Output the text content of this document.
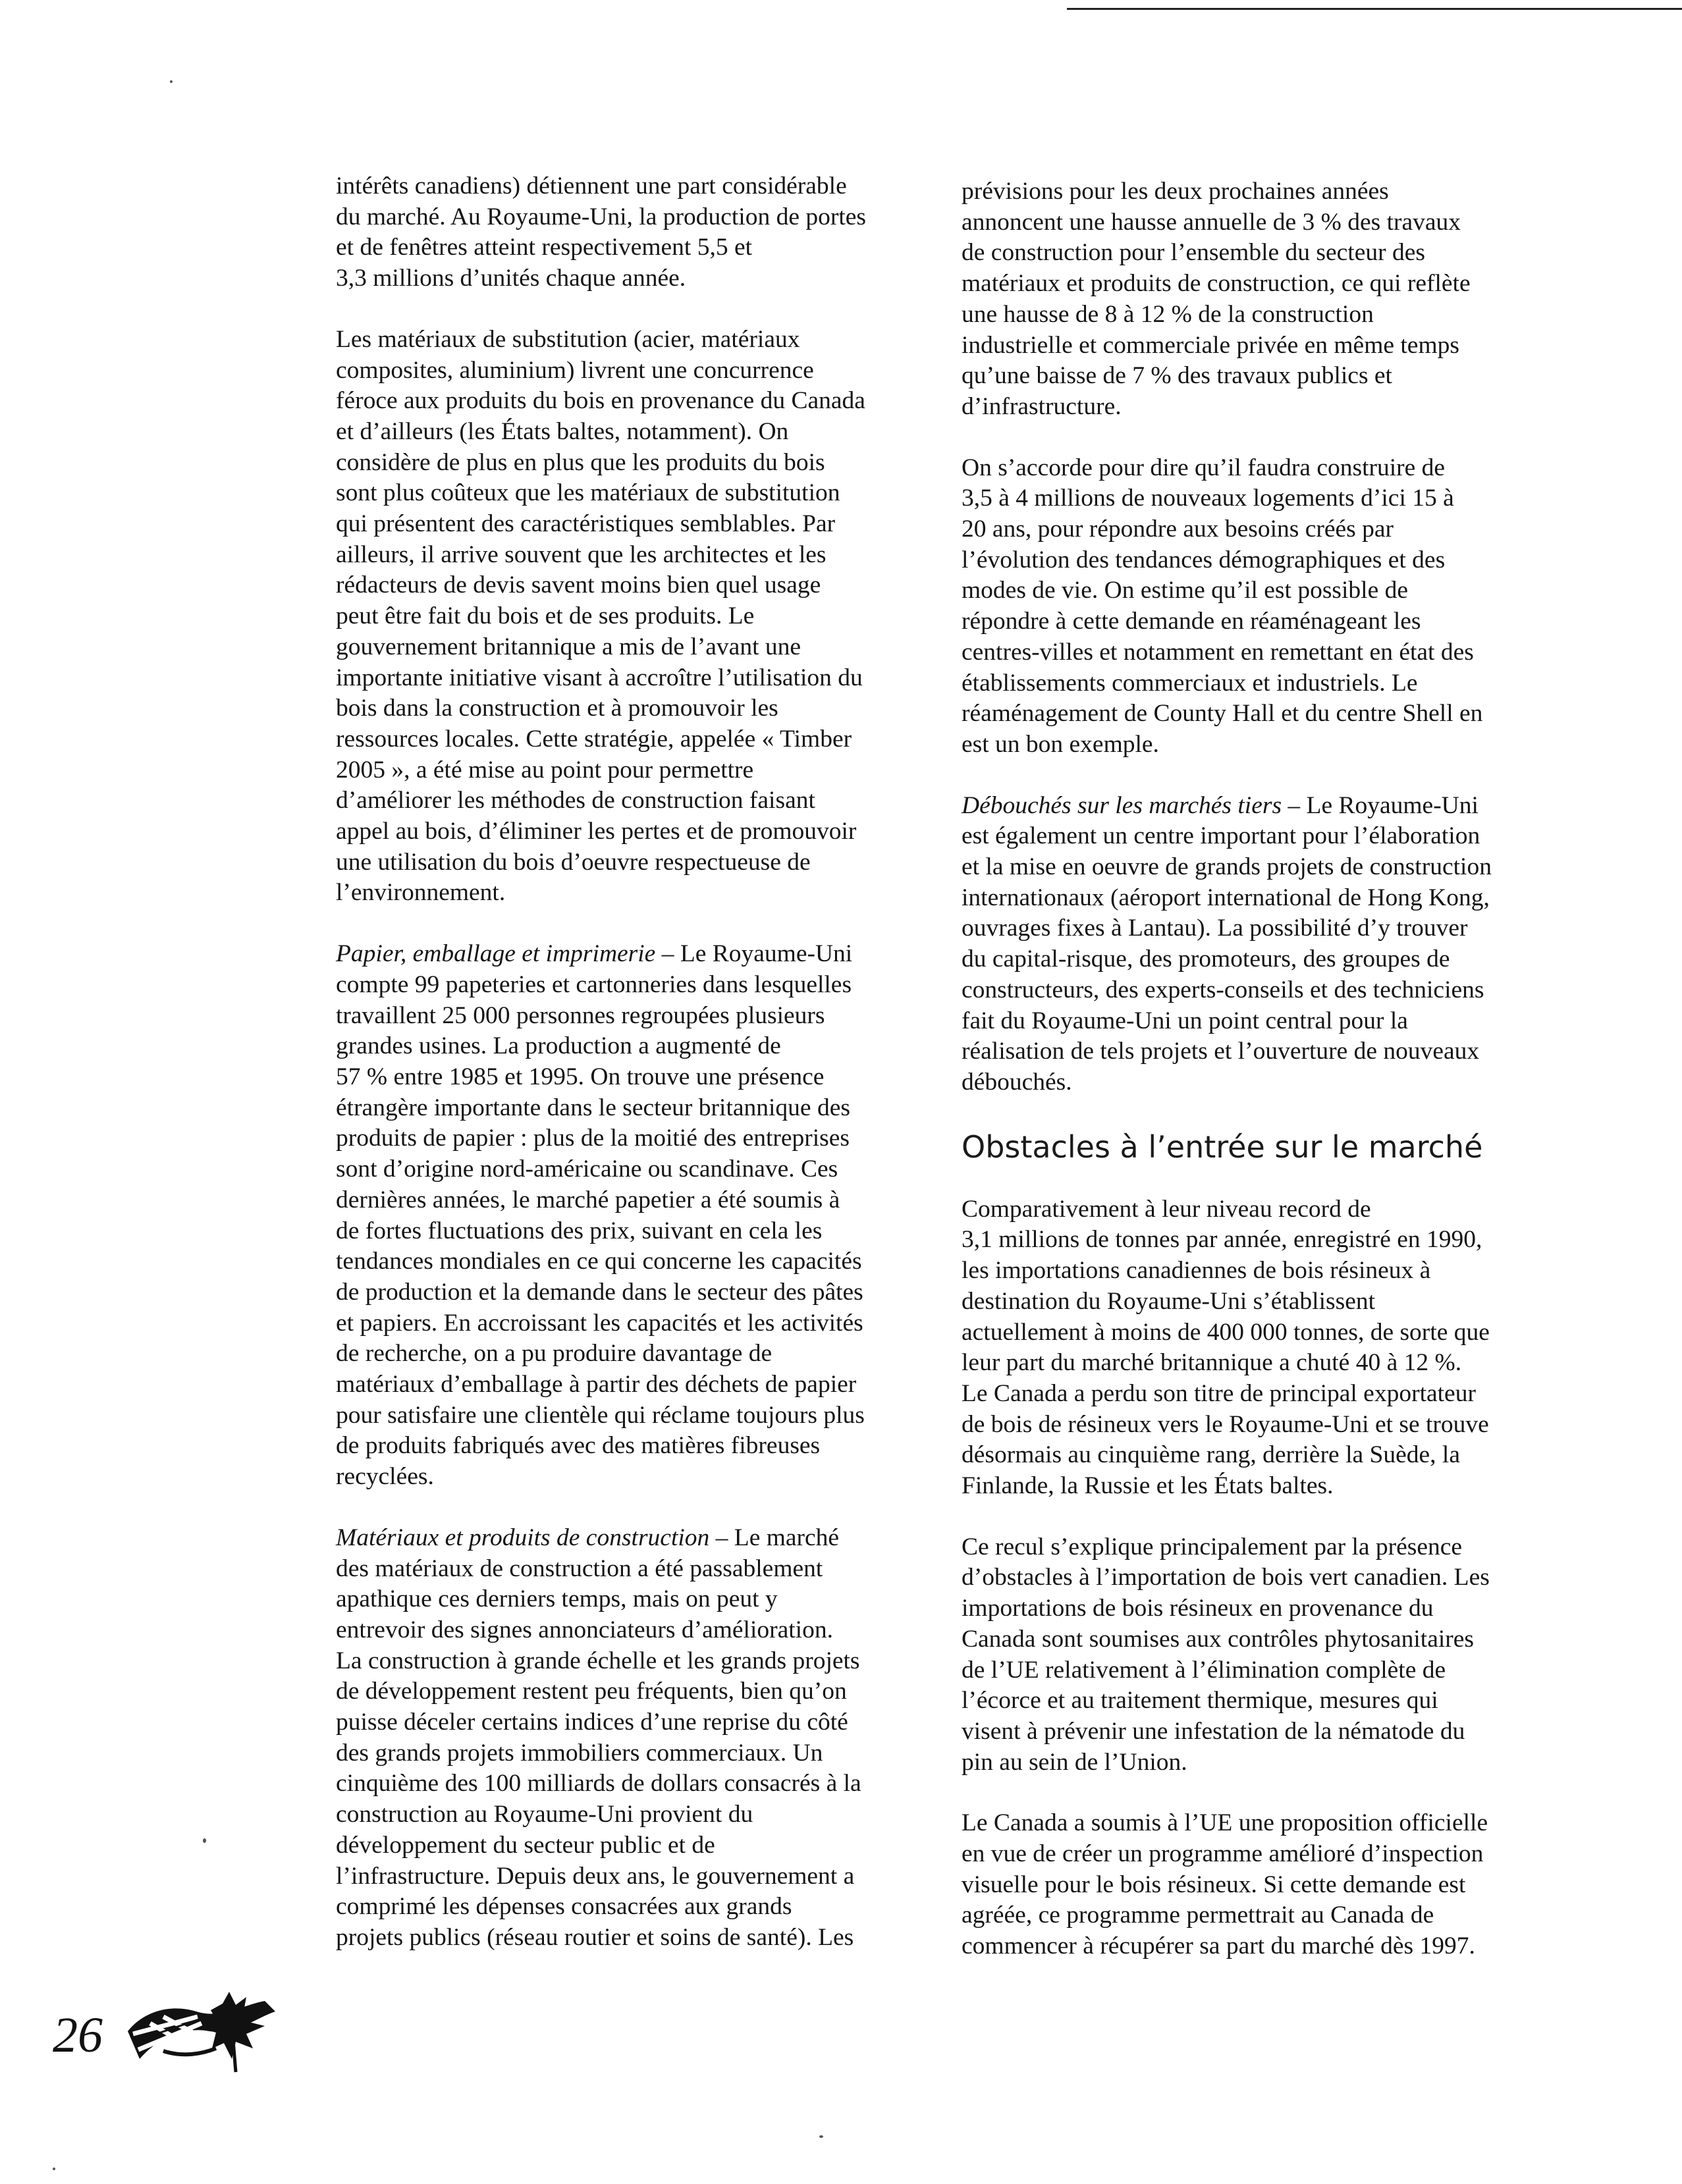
intérêts canadiens) détiennent une part considérable
du marché. Au Royaume-Uni, la production de portes
et de fenêtres atteint respectivement 5,5 et
3,3 millions d’unités chaque année.

Les matériaux de substitution (acier, matériaux
composites, aluminium) livrent une concurrence
féroce aux produits du bois en provenance du Canada
et d’ailleurs (les États baltes, notamment). On
considère de plus en plus que les produits du bois
sont plus coûteux que les matériaux de substitution
qui présentent des caractéristiques semblables. Par
ailleurs, il arrive souvent que les architectes et les
rédacteurs de devis savent moins bien quel usage
peut être fait du bois et de ses produits. Le
gouvernement britannique a mis de l’avant une
importante initiative visant à accroître l’utilisation du
bois dans la construction et à promouvoir les
ressources locales. Cette stratégie, appelée « Timber
2005 », a été mise au point pour permettre
d’améliorer les méthodes de construction faisant
appel au bois, d’éliminer les pertes et de promouvoir
une utilisation du bois d’oeuvre respectueuse de
l’environnement.

Papier, emballage et imprimerie – Le Royaume-Uni
compte 99 papeteries et cartonneries dans lesquelles
travaillent 25 000 personnes regroupées plusieurs
grandes usines. La production a augmenté de
57 % entre 1985 et 1995. On trouve une présence
étrangère importante dans le secteur britannique des
produits de papier : plus de la moitié des entreprises
sont d’origine nord-américaine ou scandinave. Ces
dernières années, le marché papetier a été soumis à
de fortes fluctuations des prix, suivant en cela les
tendances mondiales en ce qui concerne les capacités
de production et la demande dans le secteur des pâtes
et papiers. En accroissant les capacités et les activités
de recherche, on a pu produire davantage de
matériaux d’emballage à partir des déchets de papier
pour satisfaire une clientèle qui réclame toujours plus
de produits fabriqués avec des matières fibreuses
recyclées.

Matériaux et produits de construction – Le marché
des matériaux de construction a été passablement
apathique ces derniers temps, mais on peut y
entrevoir des signes annonciateurs d’amélioration.
La construction à grande échelle et les grands projets
de développement restent peu fréquents, bien qu’on
puisse déceler certains indices d’une reprise du côté
des grands projets immobiliers commerciaux. Un
cinquième des 100 milliards de dollars consacrés à la
construction au Royaume-Uni provient du
développement du secteur public et de
l’infrastructure. Depuis deux ans, le gouvernement a
comprimé les dépenses consacrées aux grands
projets publics (réseau routier et soins de santé). Les

prévisions pour les deux prochaines années
annoncent une hausse annuelle de 3 % des travaux
de construction pour l’ensemble du secteur des
matériaux et produits de construction, ce qui reflète
une hausse de 8 à 12 % de la construction
industrielle et commerciale privée en même temps
qu’une baisse de 7 % des travaux publics et
d’infrastructure.

On s’accorde pour dire qu’il faudra construire de
3,5 à 4 millions de nouveaux logements d’ici 15 à
20 ans, pour répondre aux besoins créés par
l’évolution des tendances démographiques et des
modes de vie. On estime qu’il est possible de
répondre à cette demande en réaménageant les
centres-villes et notamment en remettant en état des
établissements commerciaux et industriels. Le
réaménagement de County Hall et du centre Shell en
est un bon exemple.

Débouchés sur les marchés tiers – Le Royaume-Uni
est également un centre important pour l’élaboration
et la mise en oeuvre de grands projets de construction
internationaux (aéroport international de Hong Kong,
ouvrages fixes à Lantau). La possibilité d’y trouver
du capital-risque, des promoteurs, des groupes de
constructeurs, des experts-conseils et des techniciens
fait du Royaume-Uni un point central pour la
réalisation de tels projets et l’ouverture de nouveaux
débouchés.

Obstacles à l’entrée sur le marché

Comparativement à leur niveau record de
3,1 millions de tonnes par année, enregistré en 1990,
les importations canadiennes de bois résineux à
destination du Royaume-Uni s’établissent
actuellement à moins de 400 000 tonnes, de sorte que
leur part du marché britannique a chuté 40 à 12 %.
Le Canada a perdu son titre de principal exportateur
de bois de résineux vers le Royaume-Uni et se trouve
désormais au cinquième rang, derrière la Suède, la
Finlande, la Russie et les États baltes.

Ce recul s’explique principalement par la présence
d’obstacles à l’importation de bois vert canadien. Les
importations de bois résineux en provenance du
Canada sont soumises aux contrôles phytosanitaires
de l’UE relativement à l’élimination complète de
l’écorce et au traitement thermique, mesures qui
visent à prévenir une infestation de la nématode du
pin au sein de l’Union.

Le Canada a soumis à l’UE une proposition officielle
en vue de créer un programme amélioré d’inspection
visuelle pour le bois résineux. Si cette demande est
agréée, ce programme permettrait au Canada de
commencer à récupérer sa part du marché dès 1997.

26
